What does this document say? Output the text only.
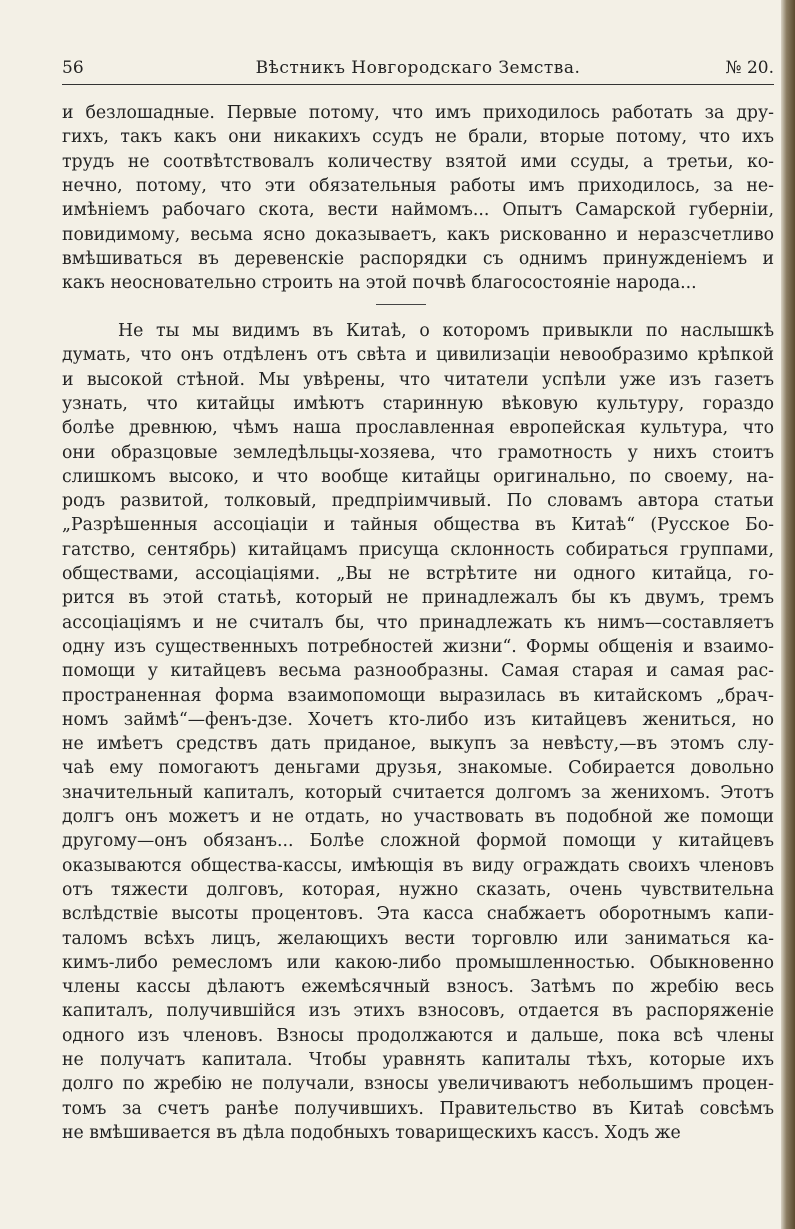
56	Вѣстникъ Новгородскаго Земства.	№ 20.
и безлошадные. Первые потому, что имъ приходилось работать за дру-
гихъ, такъ какъ они никакихъ ссудъ не брали, вторые потому, что ихъ
трудъ не соотвѣтствовалъ количеству взятой ими ссуды, а третьи, ко-
нечно, потому, что эти обязательныя работы имъ приходилось, за не-
имѣніемъ рабочаго скота, вести наймомъ... Опытъ Самарской губерніи,
повидимому, весьма ясно доказываетъ, какъ рискованно и неразсчетливо
вмѣшиваться въ деревенскіе распорядки съ однимъ принужденіемъ и
какъ неосновательно строить на этой почвѣ благосостояніе народа...
Не ты мы видимъ въ Китаѣ, о которомъ привыкли по наслышкѣ
думать, что онъ отдѣленъ отъ свѣта и цивилизаціи невообразимо крѣпкой
и высокой стѣной. Мы увѣрены, что читатели успѣли уже изъ газетъ
узнать, что китайцы имѣютъ старинную вѣковую культуру, гораздо
болѣе древнюю, чѣмъ наша прославленная европейская культура, что
они образцовые земледѣльцы-хозяева, что грамотность у нихъ стоитъ
слишкомъ высоко, и что вообще китайцы оригинально, по своему, на-
родъ развитой, толковый, предпріимчивый. По словамъ автора статьи
„Разрѣшенныя ассоціаціи и тайныя общества въ Китаѣ“ (Русское Бо-
гатство, сентябрь) китайцамъ присуща склонность собираться группами,
обществами, ассоціаціями. „Вы не встрѣтите ни одного китайца, го-
рится въ этой статьѣ, который не принадлежалъ бы къ двумъ, тремъ
ассоціаціямъ и не считалъ бы, что принадлежать къ нимъ—составляетъ
одну изъ существенныхъ потребностей жизни“. Формы общенія и взаимо-
помощи у китайцевъ весьма разнообразны. Самая старая и самая рас-
пространенная форма взаимопомощи выразилась въ китайскомъ „брач-
номъ займѣ“—фенъ-дзе. Хочетъ кто-либо изъ китайцевъ жениться, но
не имѣетъ средствъ дать приданое, выкупъ за невѣсту,—въ этомъ слу-
чаѣ ему помогаютъ деньгами друзья, знакомые. Собирается довольно
значительный капиталъ, который считается долгомъ за женихомъ. Этотъ
долгъ онъ можетъ и не отдать, но участвовать въ подобной же помощи
другому—онъ обязанъ... Болѣе сложной формой помощи у китайцевъ
оказываются общества-кассы, имѣющія въ виду ограждать своихъ членовъ
отъ тяжести долговъ, которая, нужно сказать, очень чувствительна
вслѣдствіе высоты процентовъ. Эта касса снабжаетъ оборотнымъ капи-
таломъ всѣхъ лицъ, желающихъ вести торговлю или заниматься ка-
кимъ-либо ремесломъ или какою-либо промышленностью. Обыкновенно
члены кассы дѣлаютъ ежемѣсячный взносъ. Затѣмъ по жребію весь
капиталъ, получившійся изъ этихъ взносовъ, отдается въ распоряженіе
одного изъ членовъ. Взносы продолжаются и дальше, пока всѣ члены
не получатъ капитала. Чтобы уравнять капиталы тѣхъ, которые ихъ
долго по жребію не получали, взносы увеличиваютъ небольшимъ процен-
томъ за счетъ ранѣе получившихъ. Правительство въ Китаѣ совсѣмъ
не вмѣшивается въ дѣла подобныхъ товарищескихъ кассъ. Ходъ же
